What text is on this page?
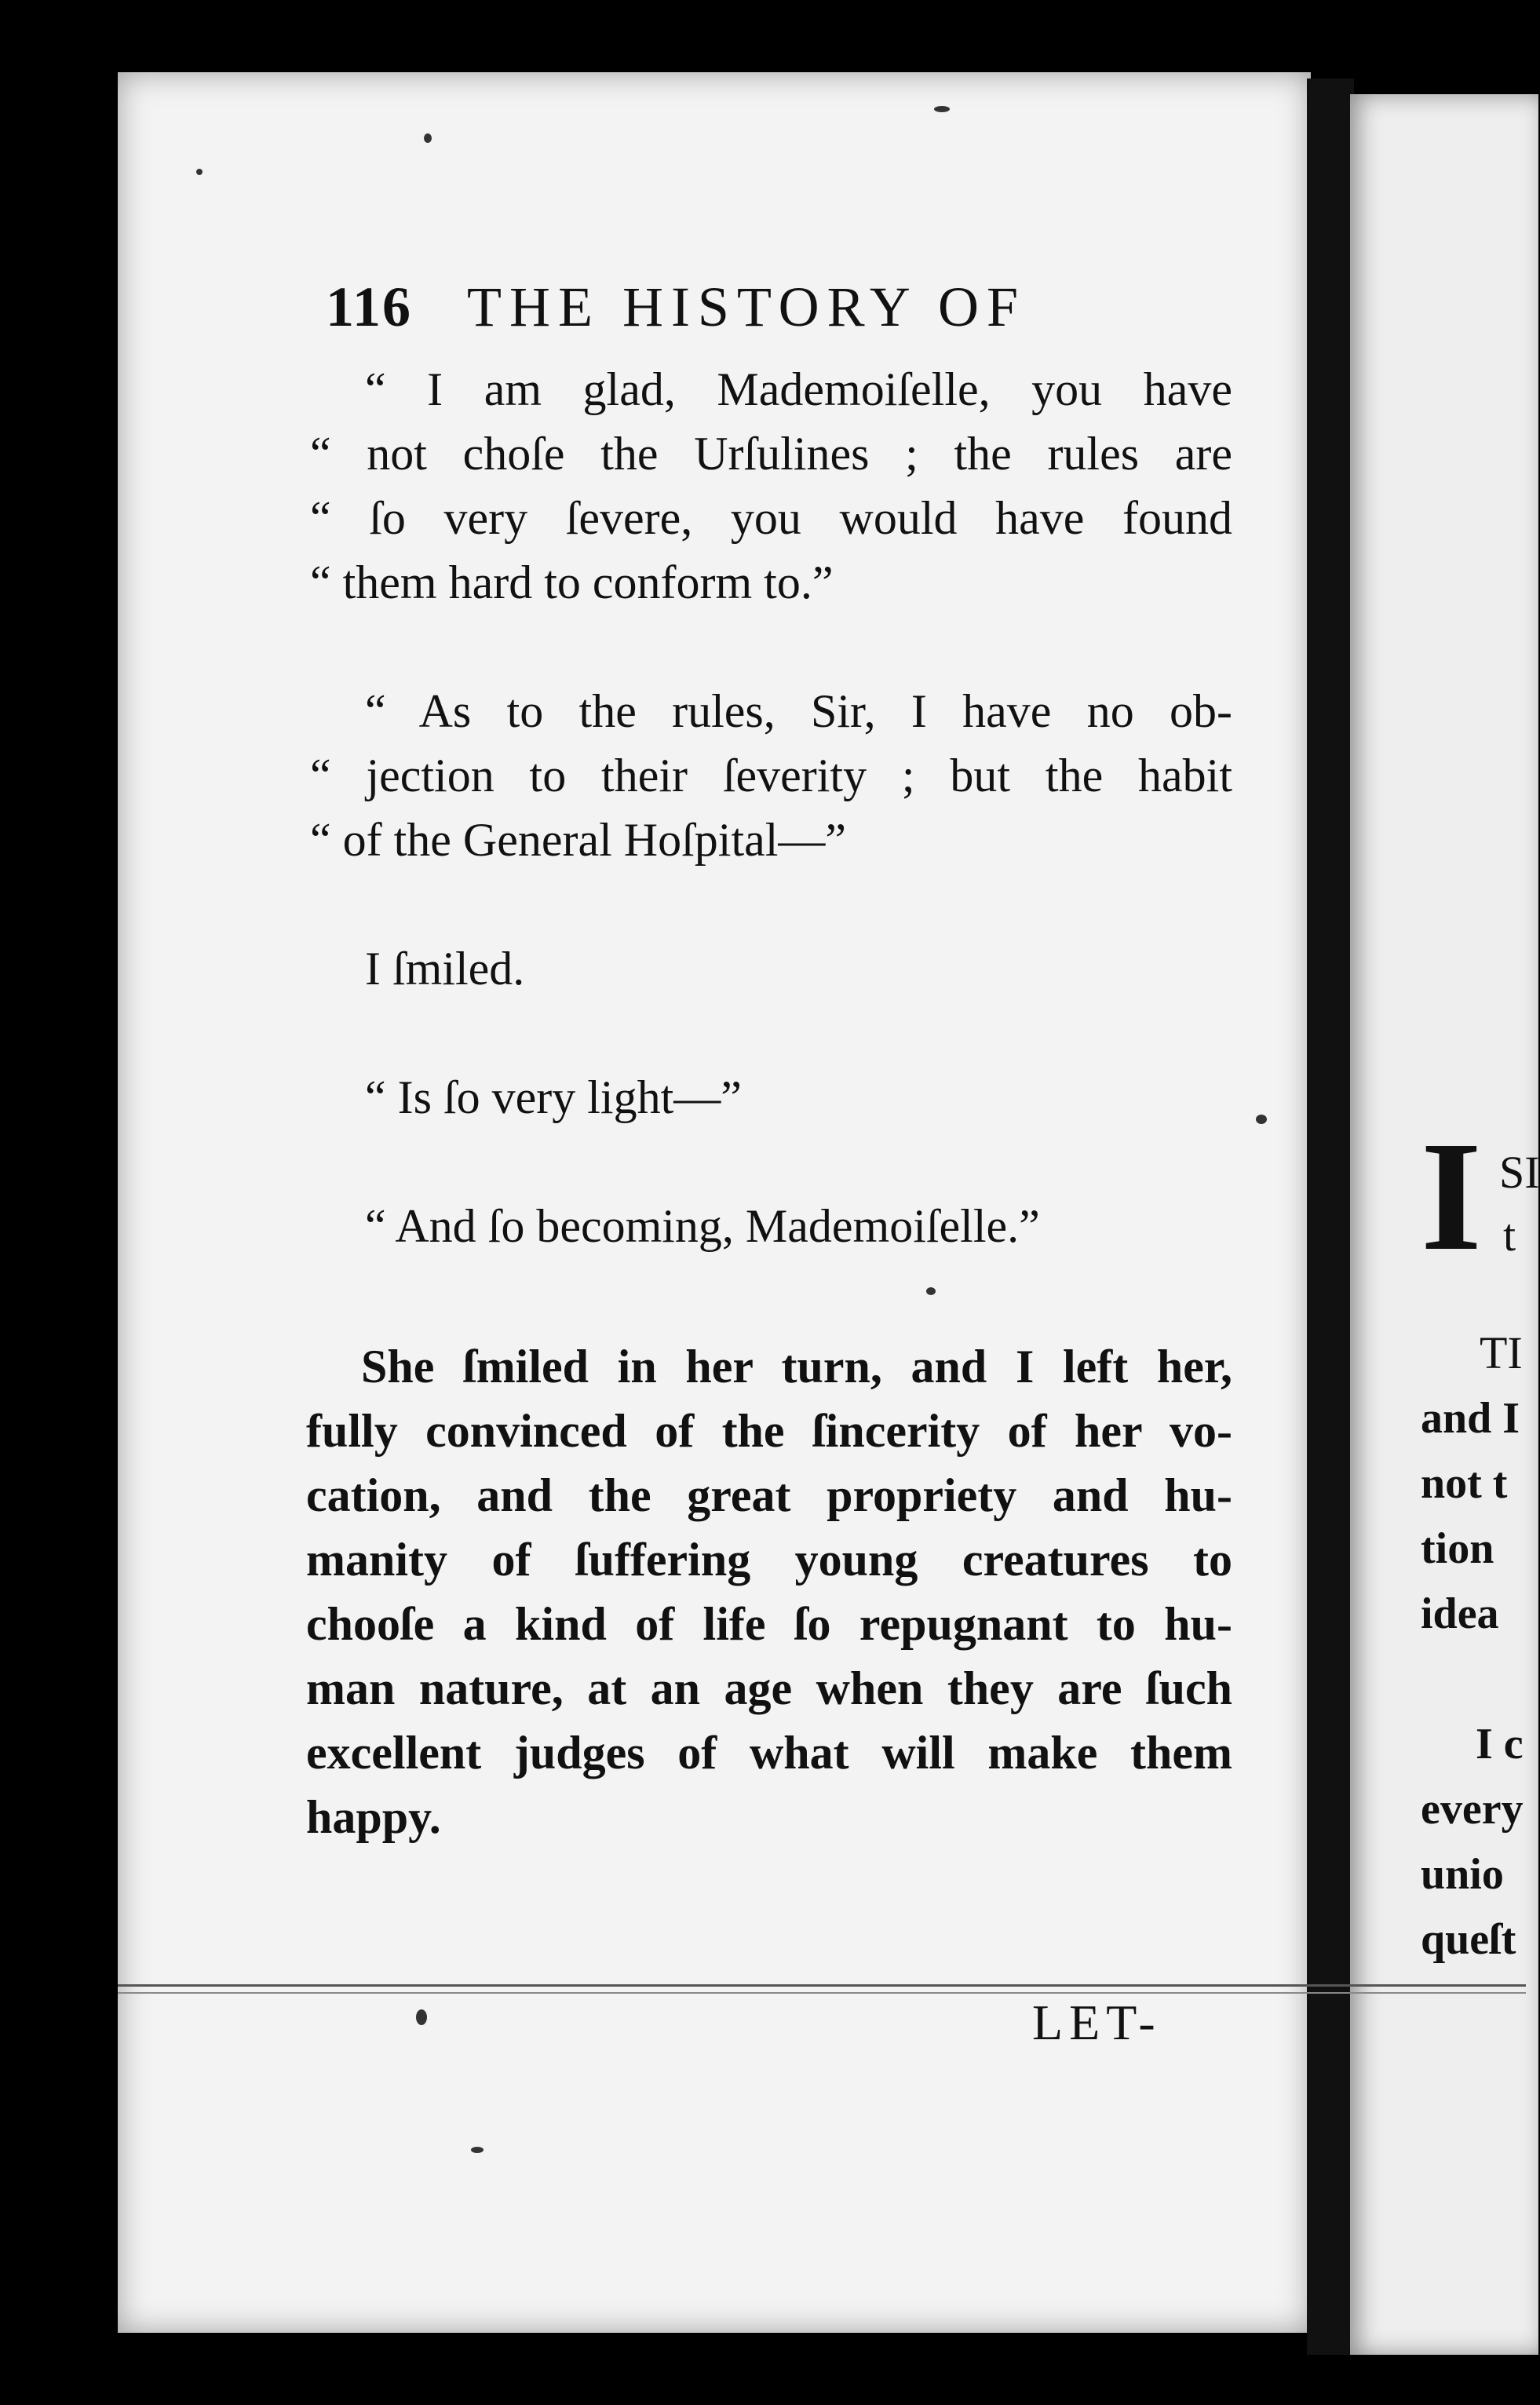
116 THE HISTORY OF
“ I am glad, Mademoiſelle, you have
“ not choſe the Urſulines ; the rules are
“ ſo very ſevere, you would have found
“ them hard to conform to.”
“ As to the rules, Sir, I have no ob-
“ jection to their ſeverity ; but the habit
“ of the General Hoſpital—”
I ſmiled.
“ Is ſo very light—”
“ And ſo becoming, Mademoiſelle.”
She ſmiled in her turn, and I left her,
fully convinced of the ſincerity of her vo-
cation, and the great propriety and hu-
manity of ſuffering young creatures to
chooſe a kind of life ſo repugnant to hu-
man nature, at an age when they are ſuch
excellent judges of what will make them
happy.
LET-
I SI
t
TI
and I
not t
tion
idea
I c
every
unio
queſt
